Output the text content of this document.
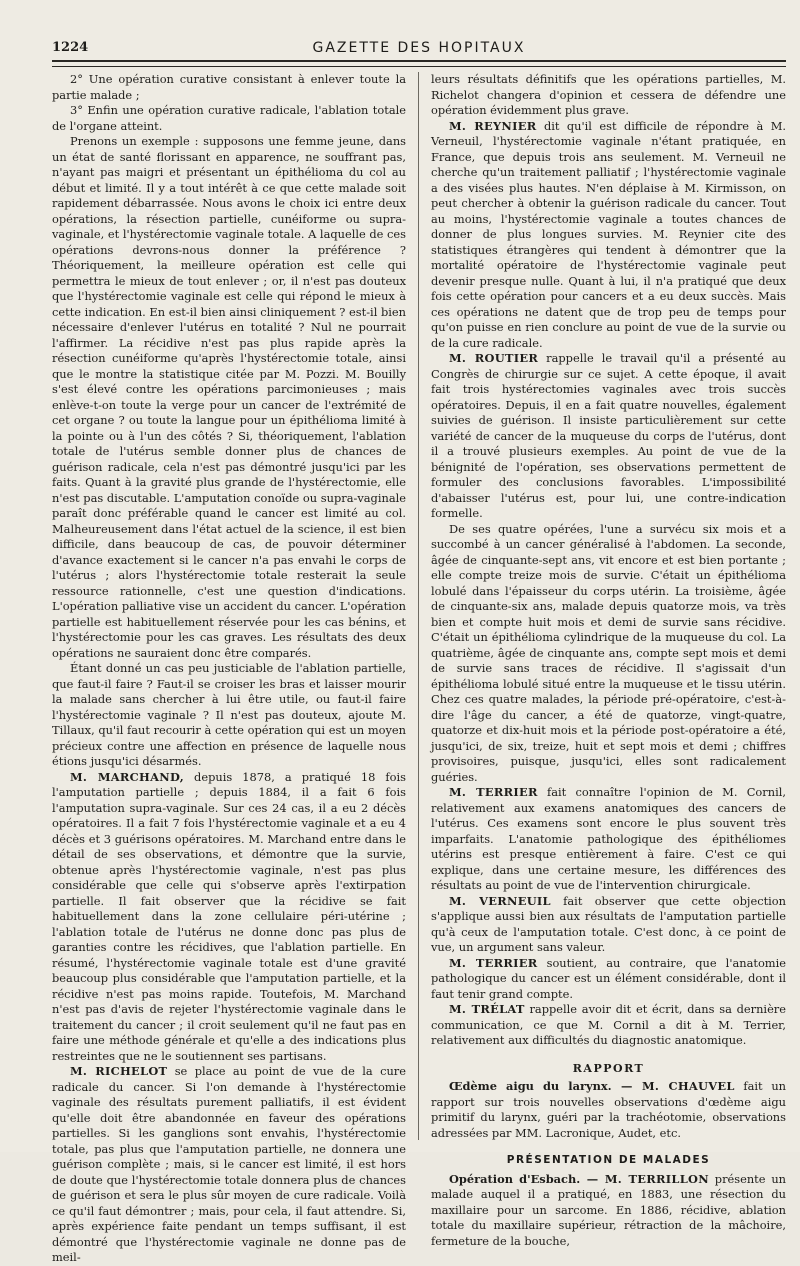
1224	GAZETTE DES HOPITAUX

2° Une opération curative consistant à enlever toute la partie malade ;

3° Enfin une opération curative radicale, l'ablation totale de l'organe atteint.

Prenons un exemple : supposons une femme jeune, dans un état de santé florissant en apparence, ne souffrant pas, n'ayant pas maigri et présentant un épithélioma du col au début et limité. Il y a tout intérêt à ce que cette malade soit rapidement débarrassée. Nous avons le choix ici entre deux opérations, la résection partielle, cunéiforme ou supra-vaginale, et l'hystérectomie vaginale totale. A laquelle de ces opérations devrons-nous donner la préférence ? Théoriquement, la meilleure opération est celle qui permettra le mieux de tout enlever ; or, il n'est pas douteux que l'hystérectomie vaginale est celle qui répond le mieux à cette indication. En est-il bien ainsi cliniquement ? est-il bien nécessaire d'enlever l'utérus en totalité ? Nul ne pourrait l'affirmer. La récidive n'est pas plus rapide après la résection cunéiforme qu'après l'hystérectomie totale, ainsi que le montre la statistique citée par M. Pozzi. M. Bouilly s'est élevé contre les opérations parcimonieuses ; mais enlève-t-on toute la verge pour un cancer de l'extrémité de cet organe ? ou toute la langue pour un épithélioma limité à la pointe ou à l'un des côtés ? Si, théoriquement, l'ablation totale de l'utérus semble donner plus de chances de guérison radicale, cela n'est pas démontré jusqu'ici par les faits. Quant à la gravité plus grande de l'hystérectomie, elle n'est pas discutable. L'amputation conoïde ou supra-vaginale paraît donc préférable quand le cancer est limité au col. Malheureusement dans l'état actuel de la science, il est bien difficile, dans beaucoup de cas, de pouvoir déterminer d'avance exactement si le cancer n'a pas envahi le corps de l'utérus ; alors l'hystérectomie totale resterait la seule ressource rationnelle, c'est une question d'indications. L'opération palliative vise un accident du cancer. L'opération partielle est habituellement réservée pour les cas bénins, et l'hystérectomie pour les cas graves. Les résultats des deux opérations ne sauraient donc être comparés.

Étant donné un cas peu justiciable de l'ablation partielle, que faut-il faire ? Faut-il se croiser les bras et laisser mourir la malade sans chercher à lui être utile, ou faut-il faire l'hystérectomie vaginale ? Il n'est pas douteux, ajoute M. Tillaux, qu'il faut recourir à cette opération qui est un moyen précieux contre une affection en présence de laquelle nous étions jusqu'ici désarmés.

M. MARCHAND, depuis 1878, a pratiqué 18 fois l'amputation partielle ; depuis 1884, il a fait 6 fois l'amputation supra-vaginale. Sur ces 24 cas, il a eu 2 décès opératoires. Il a fait 7 fois l'hystérectomie vaginale et a eu 4 décès et 3 guérisons opératoires. M. Marchand entre dans le détail de ses observations, et démontre que la survie, obtenue après l'hystérectomie vaginale, n'est pas plus considérable que celle qui s'observe après l'extirpation partielle. Il fait observer que la récidive se fait habituellement dans la zone cellulaire péri-utérine ; l'ablation totale de l'utérus ne donne donc pas plus de garanties contre les récidives, que l'ablation partielle. En résumé, l'hystérectomie vaginale totale est d'une gravité beaucoup plus considérable que l'amputation partielle, et la récidive n'est pas moins rapide. Toutefois, M. Marchand n'est pas d'avis de rejeter l'hystérectomie vaginale dans le traitement du cancer ; il croit seulement qu'il ne faut pas en faire une méthode générale et qu'elle a des indications plus restreintes que ne le soutiennent ses partisans.

M. RICHELOT se place au point de vue de la cure radicale du cancer. Si l'on demande à l'hystérectomie vaginale des résultats purement palliatifs, il est évident qu'elle doit être abandonnée en faveur des opérations partielles. Si les ganglions sont envahis, l'hystérectomie totale, pas plus que l'amputation partielle, ne donnera une guérison complète ; mais, si le cancer est limité, il est hors de doute que l'hystérectomie totale donnera plus de chances de guérison et sera le plus sûr moyen de cure radicale. Voilà ce qu'il faut démontrer ; mais, pour cela, il faut attendre. Si, après expérience faite pendant un temps suffisant, il est démontré que l'hystérectomie vaginale ne donne pas de meil-

leurs résultats définitifs que les opérations partielles, M. Richelot changera d'opinion et cessera de défendre une opération évidemment plus grave.

M. REYNIER dit qu'il est difficile de répondre à M. Verneuil, l'hystérectomie vaginale n'étant pratiquée, en France, que depuis trois ans seulement. M. Verneuil ne cherche qu'un traitement palliatif ; l'hystérectomie vaginale a des visées plus hautes. N'en déplaise à M. Kirmisson, on peut chercher à obtenir la guérison radicale du cancer. Tout au moins, l'hystérectomie vaginale a toutes chances de donner de plus longues survies. M. Reynier cite des statistiques étrangères qui tendent à démontrer que la mortalité opératoire de l'hystérectomie vaginale peut devenir presque nulle. Quant à lui, il n'a pratiqué que deux fois cette opération pour cancers et a eu deux succès. Mais ces opérations ne datent que de trop peu de temps pour qu'on puisse en rien conclure au point de vue de la survie ou de la cure radicale.

M. ROUTIER rappelle le travail qu'il a présenté au Congrès de chirurgie sur ce sujet. A cette époque, il avait fait trois hystérectomies vaginales avec trois succès opératoires. Depuis, il en a fait quatre nouvelles, également suivies de guérison. Il insiste particulièrement sur cette variété de cancer de la muqueuse du corps de l'utérus, dont il a trouvé plusieurs exemples. Au point de vue de la bénignité de l'opération, ses observations permettent de formuler des conclusions favorables. L'impossibilité d'abaisser l'utérus est, pour lui, une contre-indication formelle.

De ses quatre opérées, l'une a survécu six mois et a succombé à un cancer généralisé à l'abdomen. La seconde, âgée de cinquante-sept ans, vit encore et est bien portante ; elle compte treize mois de survie. C'était un épithélioma lobulé dans l'épaisseur du corps utérin. La troisième, âgée de cinquante-six ans, malade depuis quatorze mois, va très bien et compte huit mois et demi de survie sans récidive. C'était un épithélioma cylindrique de la muqueuse du col. La quatrième, âgée de cinquante ans, compte sept mois et demi de survie sans traces de récidive. Il s'agissait d'un épithélioma lobulé situé entre la muqueuse et le tissu utérin. Chez ces quatre malades, la période pré-opératoire, c'est-à-dire l'âge du cancer, a été de quatorze, vingt-quatre, quatorze et dix-huit mois et la période post-opératoire a été, jusqu'ici, de six, treize, huit et sept mois et demi ; chiffres provisoires, puisque, jusqu'ici, elles sont radicalement guéries.

M. TERRIER fait connaître l'opinion de M. Cornil, relativement aux examens anatomiques des cancers de l'utérus. Ces examens sont encore le plus souvent très imparfaits. L'anatomie pathologique des épithéliomes utérins est presque entièrement à faire. C'est ce qui explique, dans une certaine mesure, les différences des résultats au point de vue de l'intervention chirurgicale.

M. VERNEUIL fait observer que cette objection s'applique aussi bien aux résultats de l'amputation partielle qu'à ceux de l'amputation totale. C'est donc, à ce point de vue, un argument sans valeur.

M. TERRIER soutient, au contraire, que l'anatomie pathologique du cancer est un élément considérable, dont il faut tenir grand compte.

M. TRÉLAT rappelle avoir dit et écrit, dans sa dernière communication, ce que M. Cornil a dit à M. Terrier, relativement aux difficultés du diagnostic anatomique.

RAPPORT

Œdème aigu du larynx. — M. CHAUVEL fait un rapport sur trois nouvelles observations d'œdème aigu primitif du larynx, guéri par la trachéotomie, observations adressées par MM. Lacronique, Audet, etc.

PRÉSENTATION DE MALADES

Opération d'Esbach. — M. TERRILLON présente un malade auquel il a pratiqué, en 1883, une résection du maxillaire pour un sarcome. En 1886, récidive, ablation totale du maxillaire supérieur, rétraction de la mâchoire, fermeture de la bouche,
